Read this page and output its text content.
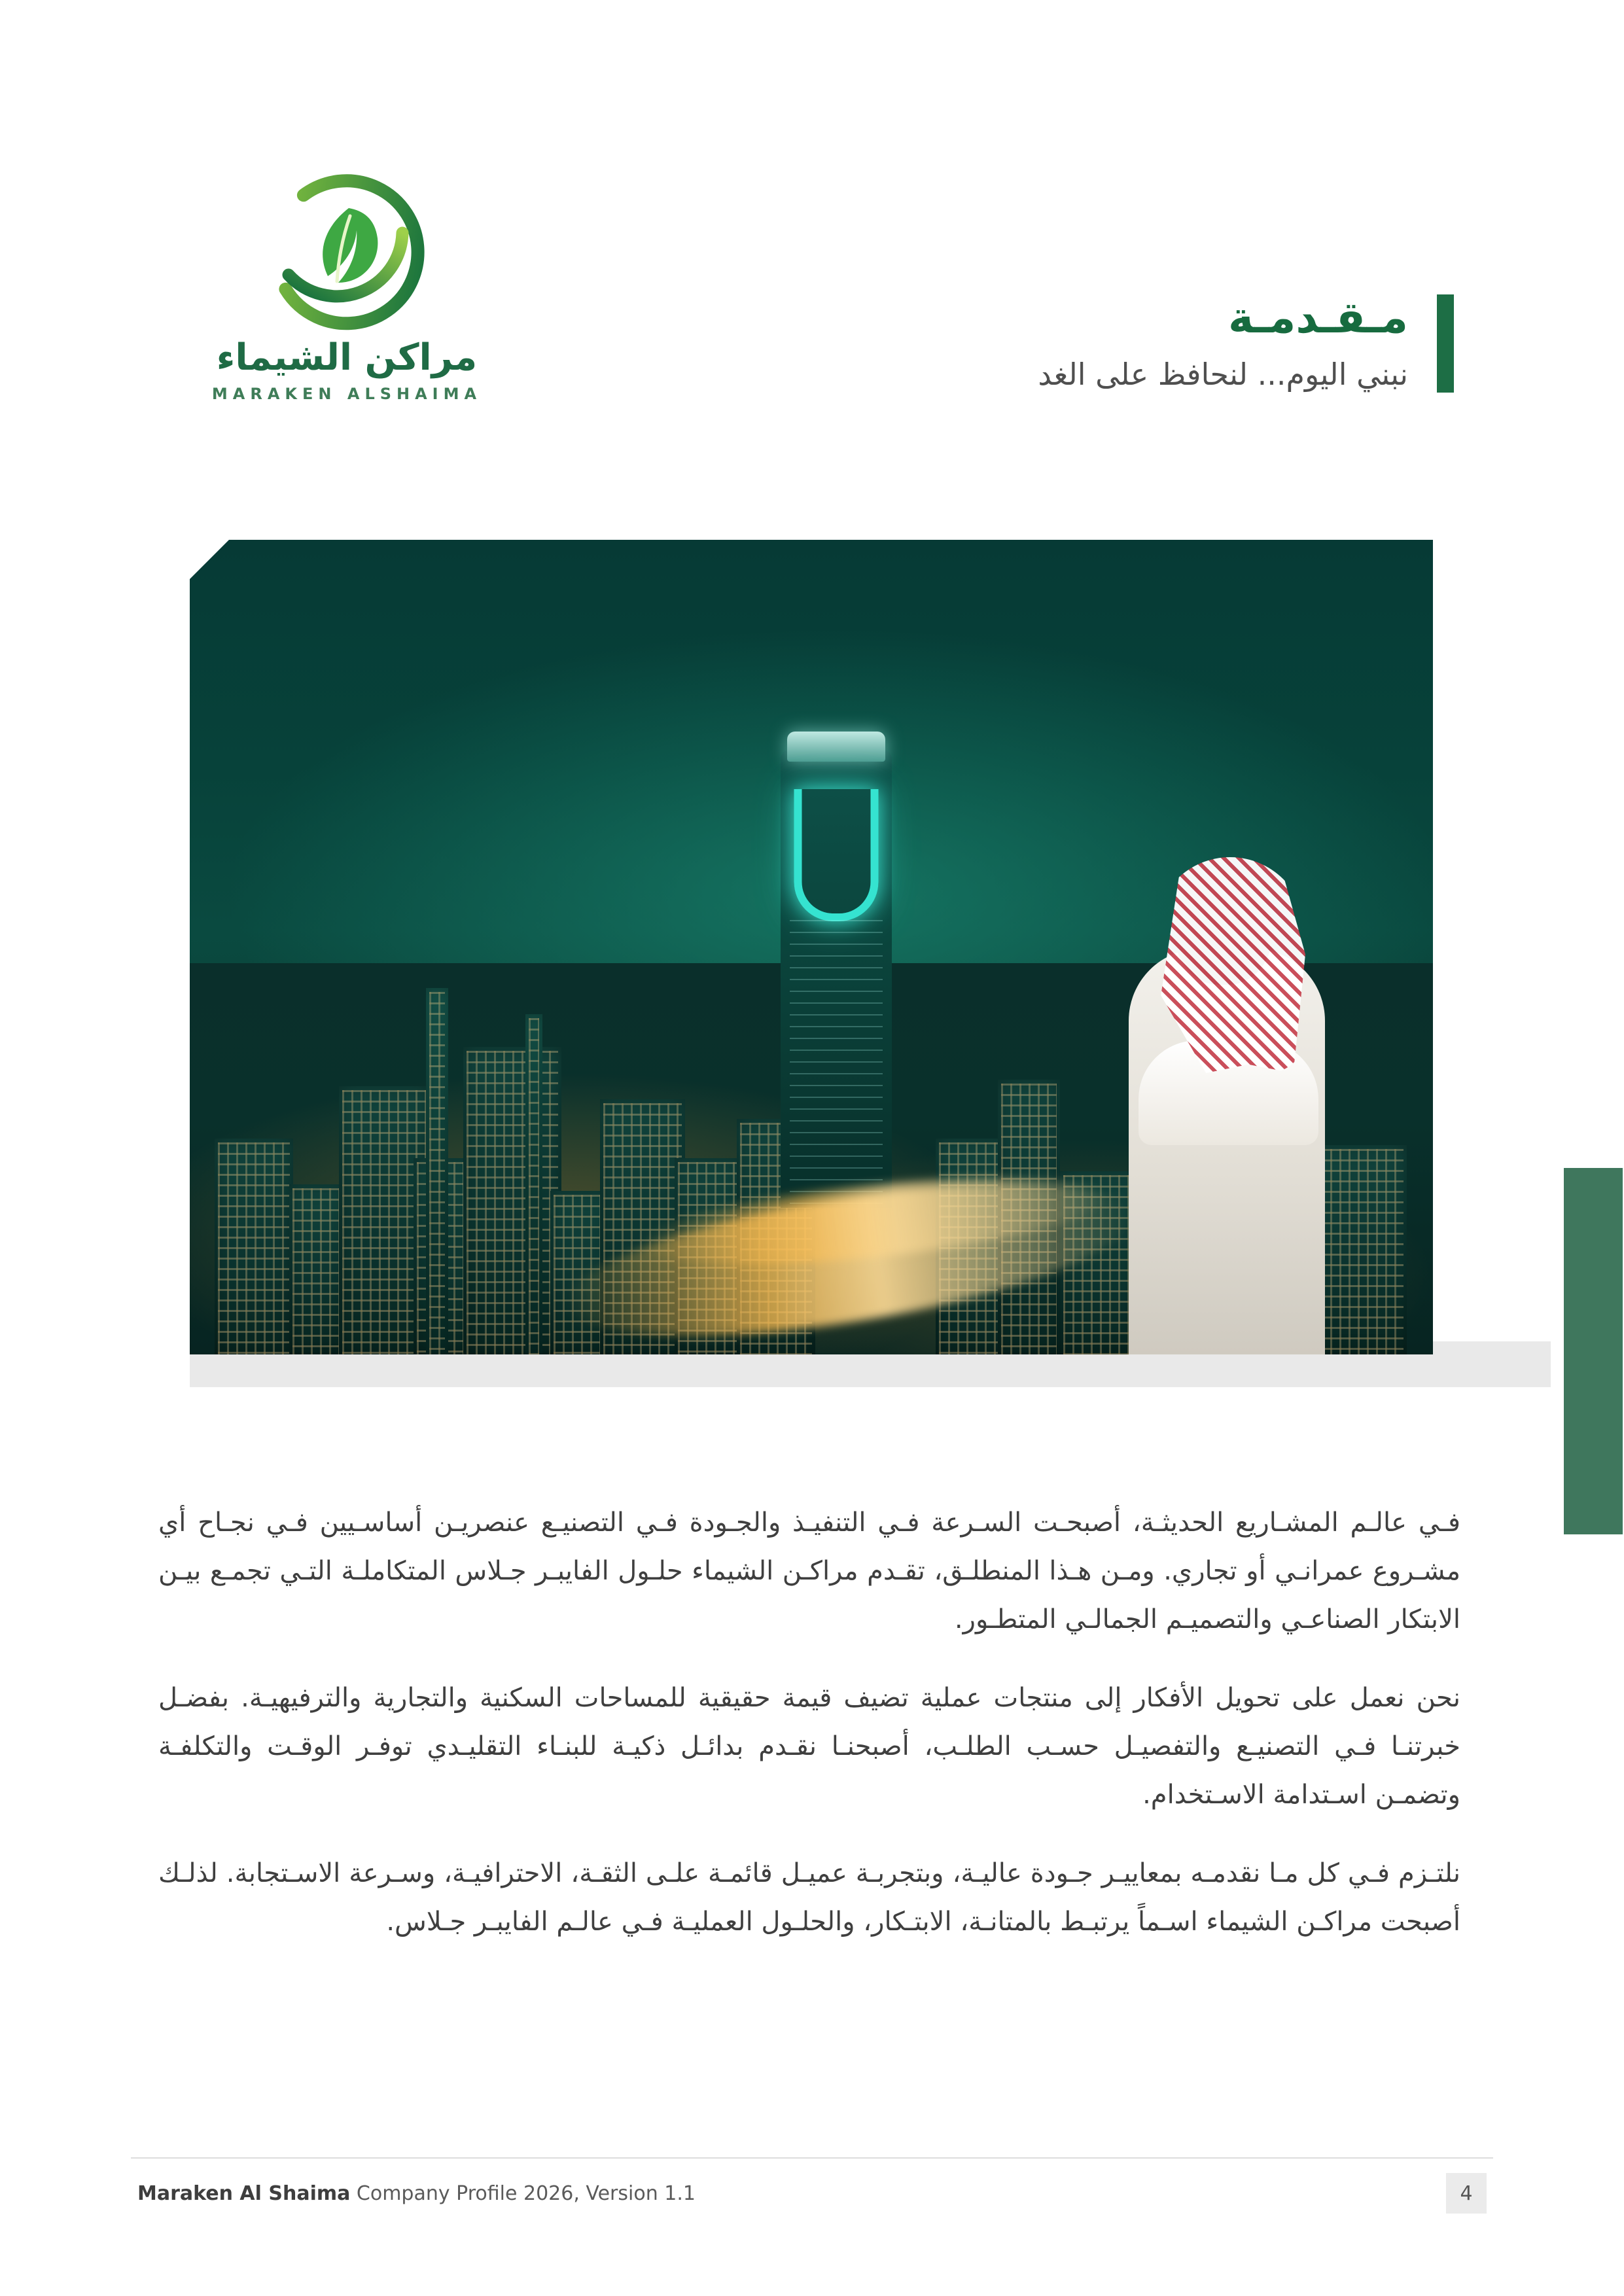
مراكن الشيماء
MARAKEN ALSHAIMA
مـقـدمـة
نبني اليوم... لنحافظ على الغد

فـي عالـم المشـاريع الحديثـة، أصبحـت السـرعة فـي التنفيـذ والجـودة فـي التصنيـع عنصريـن أساسـيين فـي نجـاح أي مشـروع عمرانـي أو تجاري. ومـن هـذا المنطلـق، تقـدم مراكـن الشيماء حلـول الفايبـر جـلاس المتكاملـة التـي تجمـع بيـن الابتكار الصناعـي والتصميـم الجمالـي المتطـور.

نحن نعمل على تحويل الأفكار إلى منتجات عملية تضيف قيمة حقيقية للمساحات السكنية والتجارية والترفيهيـة. بفضـل خبرتنـا فـي التصنيـع والتفصيـل حسـب الطلـب، أصبحنـا نقـدم بدائـل ذكيـة للبنـاء التقليـدي توفـر الوقـت والتكلفـة وتضمـن اسـتدامة الاسـتخدام.

نلتـزم فـي كل مـا نقدمـه بمعاييـر جـودة عاليـة، وبتجربـة عميـل قائمـة علـى الثقـة، الاحترافيـة، وسـرعة الاسـتجابة. لذلـك أصبحت مراكـن الشيماء اسـماً يرتبـط بالمتانـة، الابتـكار، والحلـول العمليـة فـي عالـم الفايبـر جـلاس.

Maraken Al Shaima Company Profile 2026, Version 1.1	4
